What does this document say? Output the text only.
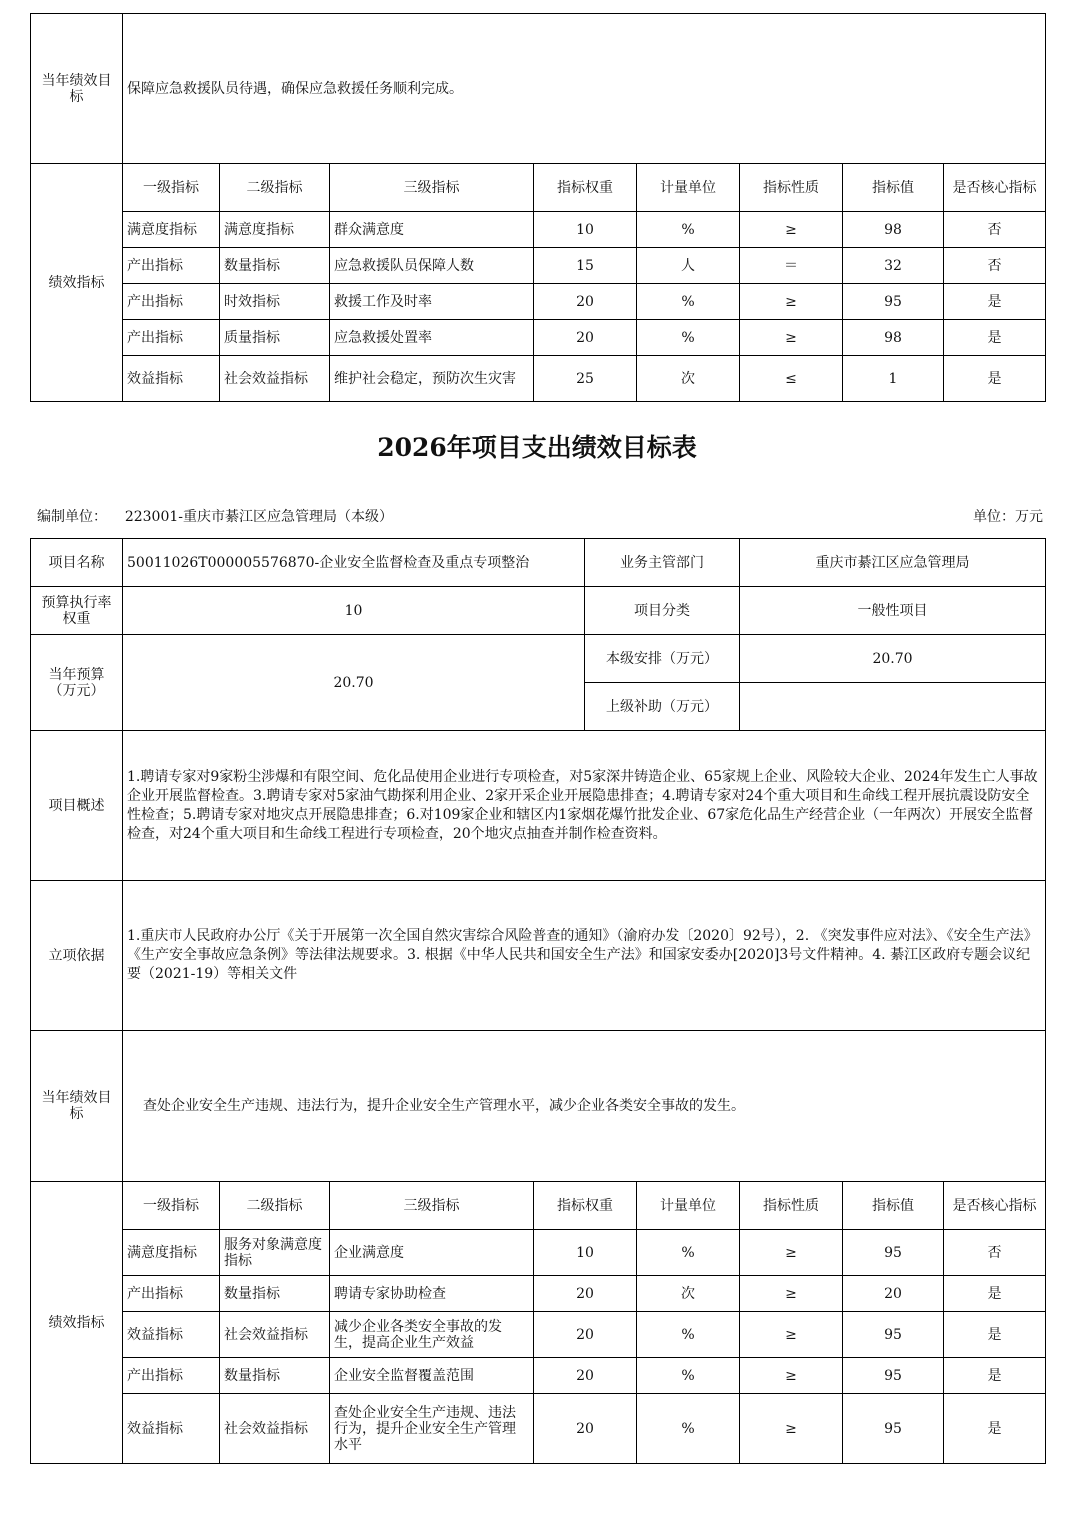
当年绩效目标	保障应急救援队员待遇，确保应急救援任务顺利完成。							
绩效指标	一级指标	二级指标	三级指标	指标权重	计量单位	指标性质	指标值	是否核心指标
	满意度指标	满意度指标	群众满意度	10	%	≥	98	否
	产出指标	数量指标	应急救援队员保障人数	15	人	＝	32	否
	产出指标	时效指标	救援工作及时率	20	%	≥	95	是
	产出指标	质量指标	应急救援处置率	20	%	≥	98	是
	效益指标	社会效益指标	维护社会稳定，预防次生灾害	25	次	≤	1	是
2026年项目支出绩效目标表
编制单位： 223001-重庆市綦江区应急管理局（本级）	单位：万元
项目名称	50011026T000005576870-企业安全监督检查及重点专项整治				业务主管部门		重庆市綦江区应急管理局		
预算执行率权重	10				项目分类		一般性项目		
当年预算（万元）	20.70				本级安排（万元）		20.70		
					上级补助（万元）				
项目概述	1.聘请专家对9家粉尘涉爆和有限空间、危化品使用企业进行专项检查，对5家深井铸造企业、65家规上企业、风险较大企业、2024年发生亡人事故企业开展监督检查。3.聘请专家对5家油气勘探利用企业、2家开采企业开展隐患排查；4.聘请专家对24个重大项目和生命线工程开展抗震设防安全性检查；5.聘请专家对地灾点开展隐患排查；6.对109家企业和辖区内1家烟花爆竹批发企业、67家危化品生产经营企业（一年两次）开展安全监督检查，对24个重大项目和生命线工程进行专项检查，20个地灾点抽查并制作检查资料。								
立项依据	1.重庆市人民政府办公厅《关于开展第一次全国自然灾害综合风险普查的通知》（渝府办发〔2020〕92号），2. 《突发事件应对法》、《安全生产法》《生产安全事故应急条例》等法律法规要求。3. 根据《中华人民共和国安全生产法》和国家安委办[2020]3号文件精神。4. 綦江区政府专题会议纪要（2021-19）等相关文件								
当年绩效目标	查处企业安全生产违规、违法行为，提升企业安全生产管理水平，减少企业各类安全事故的发生。								
绩效指标	一级指标	二级指标	三级指标	指标权重		计量单位	指标性质	指标值	是否核心指标
	满意度指标	服务对象满意度指标	企业满意度	10		%	≥	95	否
	产出指标	数量指标	聘请专家协助检查	20		次	≥	20	是
	效益指标	社会效益指标	减少企业各类安全事故的发生，提高企业生产效益	20		%	≥	95	是
	产出指标	数量指标	企业安全监督覆盖范围	20		%	≥	95	是
	效益指标	社会效益指标	查处企业安全生产违规、违法行为，提升企业安全生产管理水平	20		%	≥	95	是
